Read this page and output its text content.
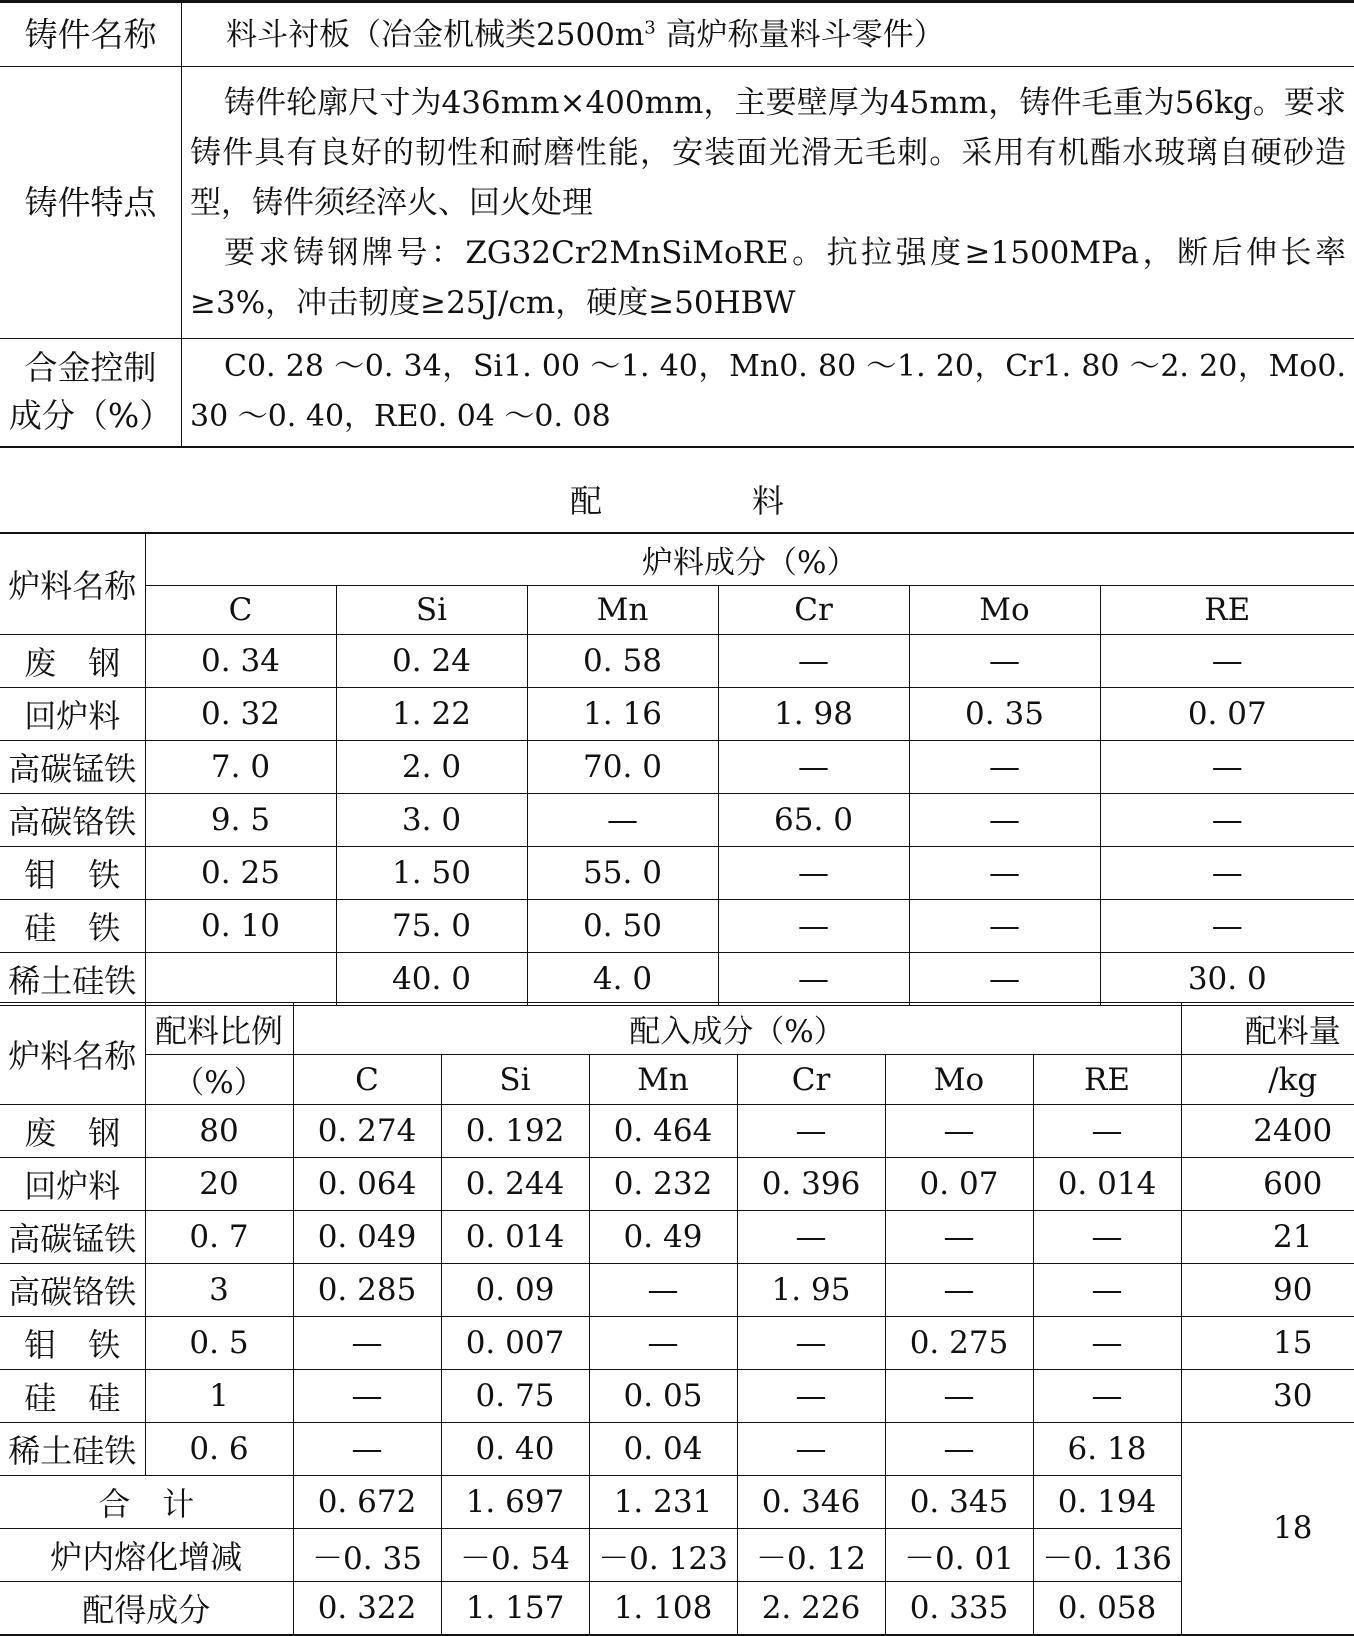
铸件名称	料斗衬板（冶金机械类$2500m^3$ 高炉称量料斗零件）
铸件特点	铸件轮廓尺寸为436mm×400mm，主要壁厚为45mm，铸件毛重为56kg。要求铸件具有良好的韧性和耐磨性能，安装面光滑无毛刺。采用有机酯水玻璃自硬砂造型，铸件须经淬火、回火处理

要求铸钢牌号：ZG32Cr2MnSiMoRE。抗拉强度≥1500MPa，断后伸长率≥3%，冲击韧度≥25J/cm，硬度≥50HBW

合金控制
成分（%）	C0. 28 ～0. 34，Si1. 00 ～1. 40，Mn0. 80 ～1. 20，Cr1. 80 ～2. 20，Mo0. 30 ～0. 40，RE0. 04 ～0. 08

配	料
炉料名称	炉料成分（%）					
	C	Si	Mn	Cr	Mo	RE
废　钢	0. 34	0. 24	0. 58	—	—	—
回炉料	0. 32	1. 22	1. 16	1. 98	0. 35	0. 07
高碳锰铁	7. 0	2. 0	70. 0	—	—	—
高碳铬铁	9. 5	3. 0	—	65. 0	—	—
钼　铁	0. 25	1. 50	55. 0	—	—	—
硅　铁	0. 10	75. 0	0. 50	—	—	—
稀土硅铁		40. 0	4. 0	—	—	30. 0
炉料名称	配料比例	配入成分（%）						配料量
	（%）	C	Si	Mn	Cr	Mo	RE	/kg
废　钢	80	0. 274	0. 192	0. 464	—	—	—	2400
回炉料	20	0. 064	0. 244	0. 232	0. 396	0. 07	0. 014	600
高碳锰铁	0. 7	0. 049	0. 014	0. 49	—	—	—	21
高碳铬铁	3	0. 285	0. 09	—	1. 95	—	—	90
钼　铁	0. 5	—	0. 007	—	—	0. 275	—	15
硅　硅	1	—	0. 75	0. 05	—	—	—	30
稀土硅铁	0. 6	—	0. 40	0. 04	—	—	6. 18	18
合　计		0. 672	1. 697	1. 231	0. 346	0. 345	0. 194	
炉内熔化增减		－0. 35	－0. 54	－0. 123	－0. 12	－0. 01	－0. 136	
配得成分		0. 322	1. 157	1. 108	2. 226	0. 335	0. 058	
